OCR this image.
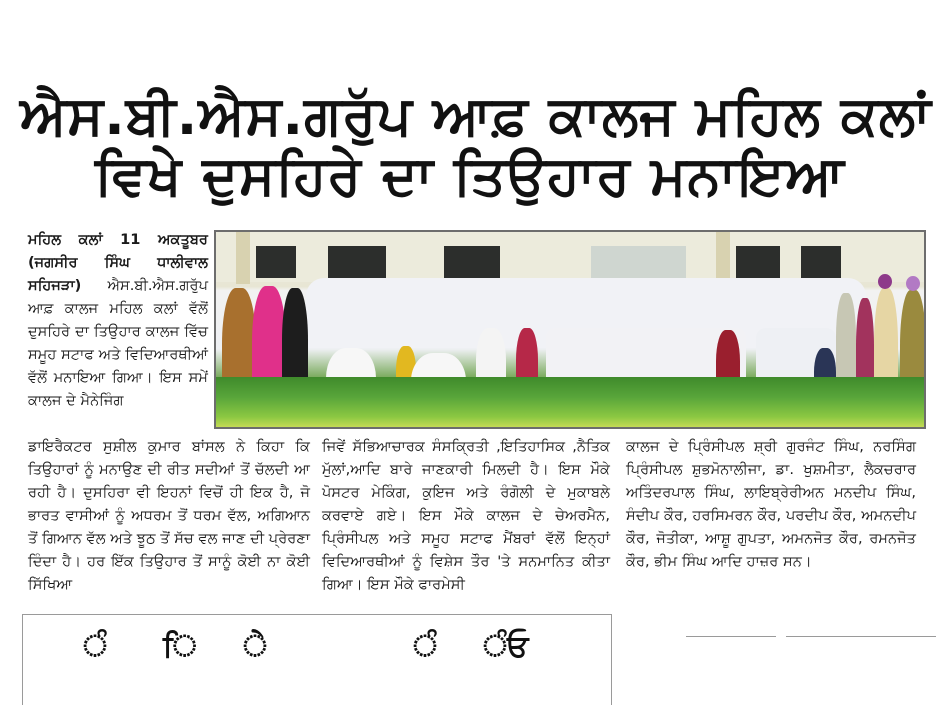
ਐਸ.ਬੀ.ਐਸ.ਗਰੁੱਪ ਆਫ਼ ਕਾਲਜ ਮਹਿਲ ਕਲਾਂ
ਵਿਖੇ ਦੁਸਹਿਰੇ ਦਾ ਤਿਉਹਾਰ ਮਨਾਇਆ

ਮਹਿਲ ਕਲਾਂ 11 ਅਕਤੂਬਰ (ਜਗਸੀਰ ਸਿੰਘ ਧਾਲੀਵਾਲ ਸਹਿਜੜਾ) ਐਸ.ਬੀ.ਐਸ.ਗਰੁੱਪ ਆਫ਼ ਕਾਲਜ ਮਹਿਲ ਕਲਾਂ ਵੱਲੋਂ ਦੁਸਹਿਰੇ ਦਾ ਤਿਉਹਾਰ ਕਾਲਜ ਵਿੱਚ ਸਮੂਹ ਸਟਾਫ ਅਤੇ ਵਿਦਿਆਰਥੀਆਂ ਵੱਲੋਂ ਮਨਾਇਆ ਗਿਆ। ਇਸ ਸਮੇਂ ਕਾਲਜ ਦੇ ਮੈਨੇਜਿੰਗ

ਡਾਇਰੈਕਟਰ ਸੁਸ਼ੀਲ ਕੁਮਾਰ ਬਾਂਸਲ ਨੇ ਕਿਹਾ ਕਿ ਤਿਉਹਾਰਾਂ ਨੂੰ ਮਨਾਉਣ ਦੀ ਰੀਤ ਸਦੀਆਂ ਤੋਂ ਚੱਲਦੀ ਆ ਰਹੀ ਹੈ। ਦੁਸਹਿਰਾ ਵੀ ਇਹਨਾਂ ਵਿਚੋਂ ਹੀ ਇਕ ਹੈ, ਜੋ ਭਾਰਤ ਵਾਸੀਆਂ ਨੂੰ ਅਧਰਮ ਤੋਂ ਧਰਮ ਵੱਲ, ਅਗਿਆਨ ਤੋਂ ਗਿਆਨ ਵੱਲ ਅਤੇ ਝੂਠ ਤੋਂ ਸੱਚ ਵਲ ਜਾਣ ਦੀ ਪ੍ਰੇਰਣਾ ਦਿੰਦਾ ਹੈ। ਹਰ ਇੱਕ ਤਿਉਹਾਰ ਤੋਂ ਸਾਨੂੰ ਕੋਈ ਨਾ ਕੋਈ ਸਿੱਖਿਆ

ਜਿਵੇਂ ਸੱਭਿਆਚਾਰਕ ਸੰਸਕ੍ਰਿਤੀ ,ਇਤਿਹਾਸਿਕ ,ਨੈਤਿਕ ਮੁੱਲਾਂ,ਆਦਿ ਬਾਰੇ ਜਾਣਕਾਰੀ ਮਿਲਦੀ ਹੈ। ਇਸ ਮੌਕੇ ਪੋਸਟਰ ਮੇਕਿੰਗ, ਕੁਇਜ ਅਤੇ ਰੰਗੋਲੀ ਦੇ ਮੁਕਾਬਲੇ ਕਰਵਾਏ ਗਏ। ਇਸ ਮੌਕੇ ਕਾਲਜ ਦੇ ਚੇਅਰਮੈਨ, ਪ੍ਰਿੰਸੀਪਲ ਅਤੇ ਸਮੂਹ ਸਟਾਫ ਮੈਂਬਰਾਂ ਵੱਲੋਂ ਇਨ੍ਹਾਂ ਵਿਦਿਆਰਥੀਆਂ ਨੂੰ ਵਿਸ਼ੇਸ ਤੌਰ 'ਤੇ ਸਨਮਾਨਿਤ ਕੀਤਾ ਗਿਆ। ਇਸ ਮੌਕੇ ਫਾਰਮੇਸੀ

ਕਾਲਜ ਦੇ ਪ੍ਰਿੰਸੀਪਲ ਸ਼੍ਰੀ ਗੁਰਜੰਟ ਸਿੰਘ, ਨਰਸਿੰਗ ਪ੍ਰਿੰਸੀਪਲ ਸ਼ੁਭਮੋਨਾਲੀਜਾ, ਡਾ. ਖੁਸ਼ਮੀਤਾ, ਲੈਕਚਰਾਰ ਅਤਿੰਦਰਪਾਲ ਸਿੰਘ, ਲਾਇਬ੍ਰੇਰੀਅਨ ਮਨਦੀਪ ਸਿੰਘ, ਸੰਦੀਪ ਕੌਰ, ਹਰਸਿਮਰਨ ਕੌਰ, ਪਰਦੀਪ ਕੌਰ, ਅਮਨਦੀਪ ਕੌਰ, ਜੋਤੀਕਾ, ਆਸ਼ੂ ਗੁਪਤਾ, ਅਮਨਜੋਤ ਕੌਰ, ਰਮਨਜੋਤ ਕੌਰ, ਭੀਮ ਸਿੰਘ ਆਦਿ ਹਾਜ਼ਰ ਸਨ।

ੰ ਿ ੇ	ੰ ੰਓ
